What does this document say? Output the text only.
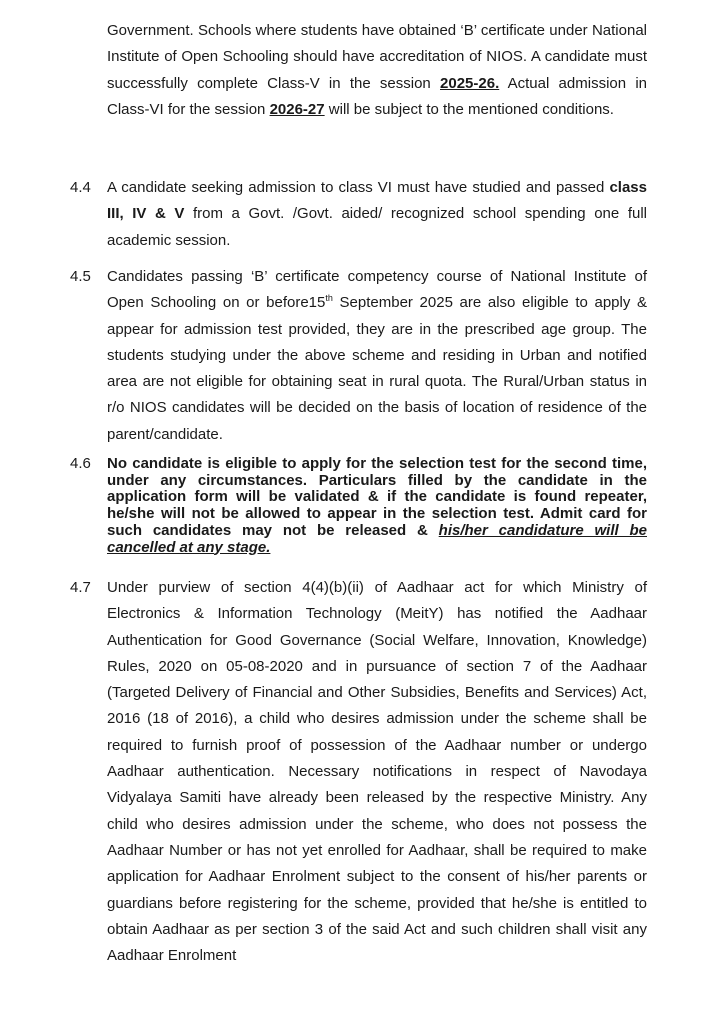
Government. Schools where students have obtained ‘B’ certificate under National Institute of Open Schooling should have accreditation of NIOS. A candidate must successfully complete Class-V in the session 2025-26. Actual admission in Class-VI for the session 2026-27 will be subject to the mentioned conditions.
4.4 A candidate seeking admission to class VI must have studied and passed class III, IV & V from a Govt. /Govt. aided/ recognized school spending one full academic session.
4.5 Candidates passing ‘B’ certificate competency course of National Institute of Open Schooling on or before15th September 2025 are also eligible to apply & appear for admission test provided, they are in the prescribed age group. The students studying under the above scheme and residing in Urban and notified area are not eligible for obtaining seat in rural quota. The Rural/Urban status in r/o NIOS candidates will be decided on the basis of location of residence of the parent/candidate.
4.6 No candidate is eligible to apply for the selection test for the second time, under any circumstances. Particulars filled by the candidate in the application form will be validated & if the candidate is found repeater, he/she will not be allowed to appear in the selection test. Admit card for such candidates may not be released & his/her candidature will be cancelled at any stage.
4.7 Under purview of section 4(4)(b)(ii) of Aadhaar act for which Ministry of Electronics & Information Technology (MeitY) has notified the Aadhaar Authentication for Good Governance (Social Welfare, Innovation, Knowledge) Rules, 2020 on 05-08-2020 and in pursuance of section 7 of the Aadhaar (Targeted Delivery of Financial and Other Subsidies, Benefits and Services) Act, 2016 (18 of 2016), a child who desires admission under the scheme shall be required to furnish proof of possession of the Aadhaar number or undergo Aadhaar authentication. Necessary notifications in respect of Navodaya Vidyalaya Samiti have already been released by the respective Ministry. Any child who desires admission under the scheme, who does not possess the Aadhaar Number or has not yet enrolled for Aadhaar, shall be required to make application for Aadhaar Enrolment subject to the consent of his/her parents or guardians before registering for the scheme, provided that he/she is entitled to obtain Aadhaar as per section 3 of the said Act and such children shall visit any Aadhaar Enrolment
